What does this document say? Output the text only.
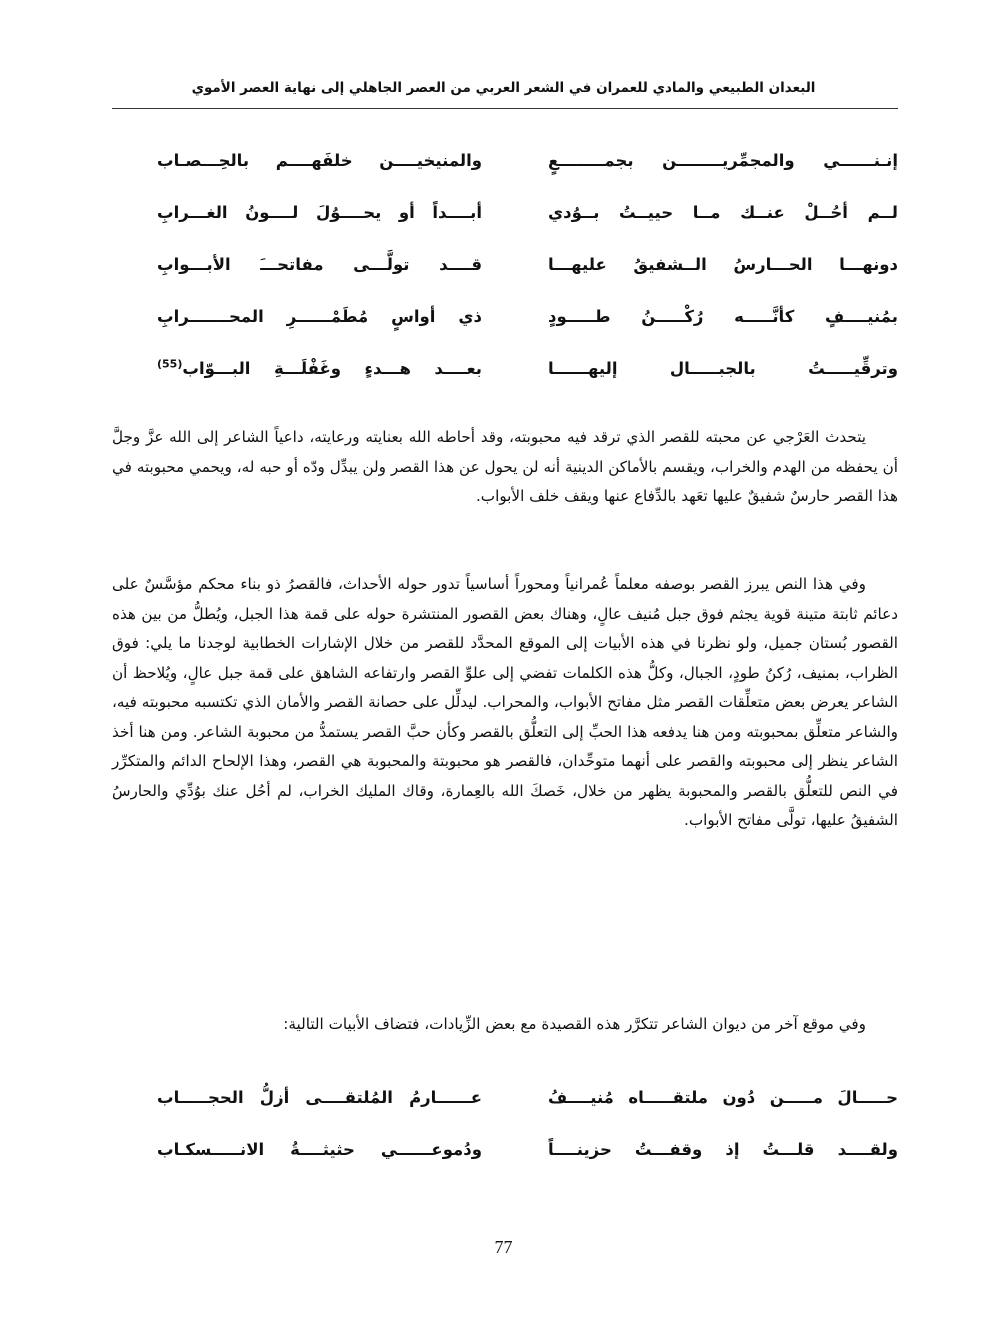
البعدان الطبيعي والمادي للعمران في الشعر العربي من العصر الجاهلي إلى نهاية العصر الأموي
إنـنــــــي والمجمِّريــــــــن بجمــــــــعٍ
والمنيخيــــن خلفَهــــم بالحِـــصـاب
لــم أحُــلْ عنــك مــا حييــتُ بــوُدي
أبــــداً أو يحــــوُلَ لــــونُ الغـــرابِ
دونهـــا الحـــارسُ الــشفيقُ عليهـــا
قــــد تولَّـــى مفاتحـــَ الأبـــوابِ
بمُنيــــفٍ كأنَّـــــه رُكْـــــنُ طـــــودٍ
ذي أواسٍ مُطَمْــــــرِ المحـــــــرابِ
وترقِّيـــــتُ بالجبـــــال إليهــــــا
بعــــد هـــدءٍ وغَفْلَـــةِ البـــوّاب$^{(55)}$

يتحدث العَرْجي عن محبته للقصر الذي ترقد فيه محبوبته، وقد أحاطه الله بعنايته ورعايته، داعياً الشاعر إلى الله عزَّ وجلَّ أن يحفظه من الهدم والخراب، ويقسم بالأماكن الدينية أنه لن يحول عن هذا القصر ولن يبدِّل ودّه أو حبه له، ويحمي محبوبته في هذا القصر حارسٌ شفيقٌ عليها تعَهد بالدِّفاع عنها ويقف خلف الأبواب.

وفي هذا النص يبرز القصر بوصفه معلماً عُمرانياً ومحوراً أساسياً تدور حوله الأحداث، فالقصرُ ذو بناء محكم مؤسَّسٌ على دعائم ثابتة متينة قوية يجثم فوق جبل مُنيف عالٍ، وهناك بعض القصور المنتشرة حوله على قمة هذا الجبل، ويُطلُّ من بين هذه القصور بُستان جميل، ولو نظرنا في هذه الأبيات إلى الموقع المحدَّد للقصر من خلال الإشارات الخطابية لوجدنا ما يلي: فوق الظراب، بمنيف، رُكنُ طودٍ، الجبال، وكلُّ هذه الكلمات تفضي إلى علوِّ القصر وارتفاعه الشاهق على قمة جبل عالٍ، ويُلاحظ أن الشاعر يعرض بعض متعلِّقات القصر مثل مفاتح الأبواب، والمحراب. ليدلِّل على حصانة القصر والأمان الذي تكتسبه محبوبته فيه، والشاعر متعلِّق بمحبوبته ومن هنا يدفعه هذا الحبِّ إلى التعلُّق بالقصر وكأن حبَّ القصر يستمدُّ من محبوبة الشاعر. ومن هنا أخذ الشاعر ينظر إلى محبوبته والقصر على أنهما متوحِّدان، فالقصر هو محبوبتة والمحبوبة هي القصر، وهذا الإلحاح الدائم والمتكرِّر في النص للتعلُّق بالقصر والمحبوبة يظهر من خلال، خَصكَ الله بالعِمارة، وقاك المليك الخراب، لم أحُل عنك بوُدِّي والحارسُ الشفيقُ عليها، تولَّى مفاتح الأبواب.

وفي موقع آخر من ديوان الشاعر تتكرَّر هذه القصيدة مع بعض الزِّيادات، فتضاف الأبيات التالية:

حـــــالَ مـــــن دُون ملتقـــــاه مُنيــــفُ
عــــــارمُ المُلتقــــى أزلُّ الحجـــــاب
ولقــــد قلـــتُ إذ وقفـــتُ حزينــــاً
ودُموعــــــي حثيثــــةُ الانـــــسكـاب
77
